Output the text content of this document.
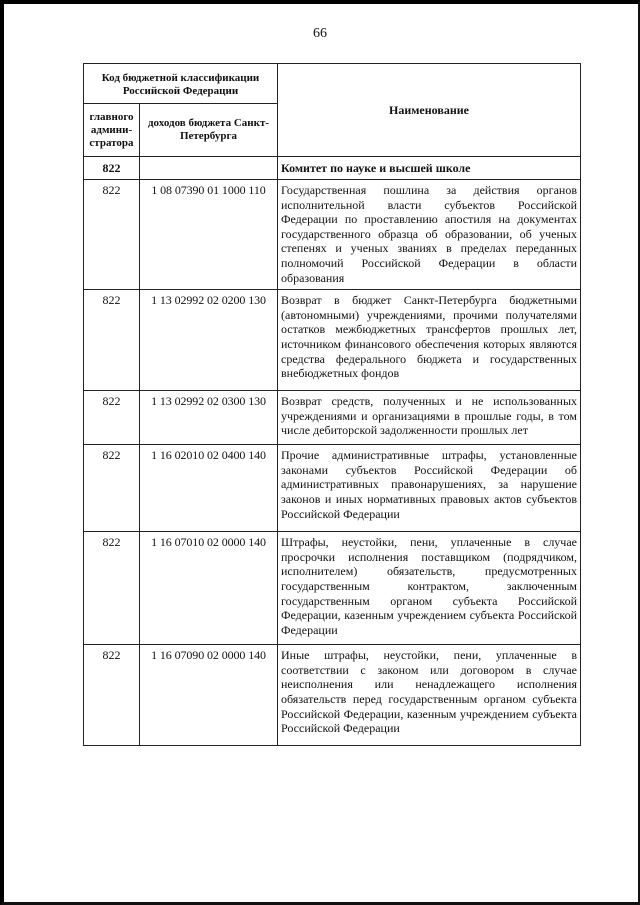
66
Код бюджетной классификации Российской Федерации		Наименование
главного админи-стратора	доходов бюджета Санкт-Петербурга	
822		Комитет по науке и высшей школе
822	1 08 07390 01 1000 110	Государственная пошлина за действия органов исполнительной власти субъектов Российской Федерации по проставлению апостиля на документах государственного образца об образовании, об ученых степенях и ученых званиях в пределах переданных полномочий Российской Федерации в области образования
822	1 13 02992 02 0200 130	Возврат в бюджет Санкт-Петербурга бюджетными (автономными) учреждениями, прочими получателями остатков межбюджетных трансфертов прошлых лет, источником финансового обеспечения которых являются средства федерального бюджета и государственных внебюджетных фондов
822	1 13 02992 02 0300 130	Возврат средств, полученных и не использованных учреждениями и организациями в прошлые годы, в том числе дебиторской задолженности прошлых лет
822	1 16 02010 02 0400 140	Прочие административные штрафы, установленные законами субъектов Российской Федерации об административных правонарушениях, за нарушение законов и иных нормативных правовых актов субъектов Российской Федерации
822	1 16 07010 02 0000 140	Штрафы, неустойки, пени, уплаченные в случае просрочки исполнения поставщиком (подрядчиком, исполнителем) обязательств, предусмотренных государственным контрактом, заключенным государственным органом субъекта Российской Федерации, казенным учреждением субъекта Российской Федерации
822	1 16 07090 02 0000 140	Иные штрафы, неустойки, пени, уплаченные в соответствии с законом или договором в случае неисполнения или ненадлежащего исполнения обязательств перед государственным органом субъекта Российской Федерации, казенным учреждением субъекта Российской Федерации
